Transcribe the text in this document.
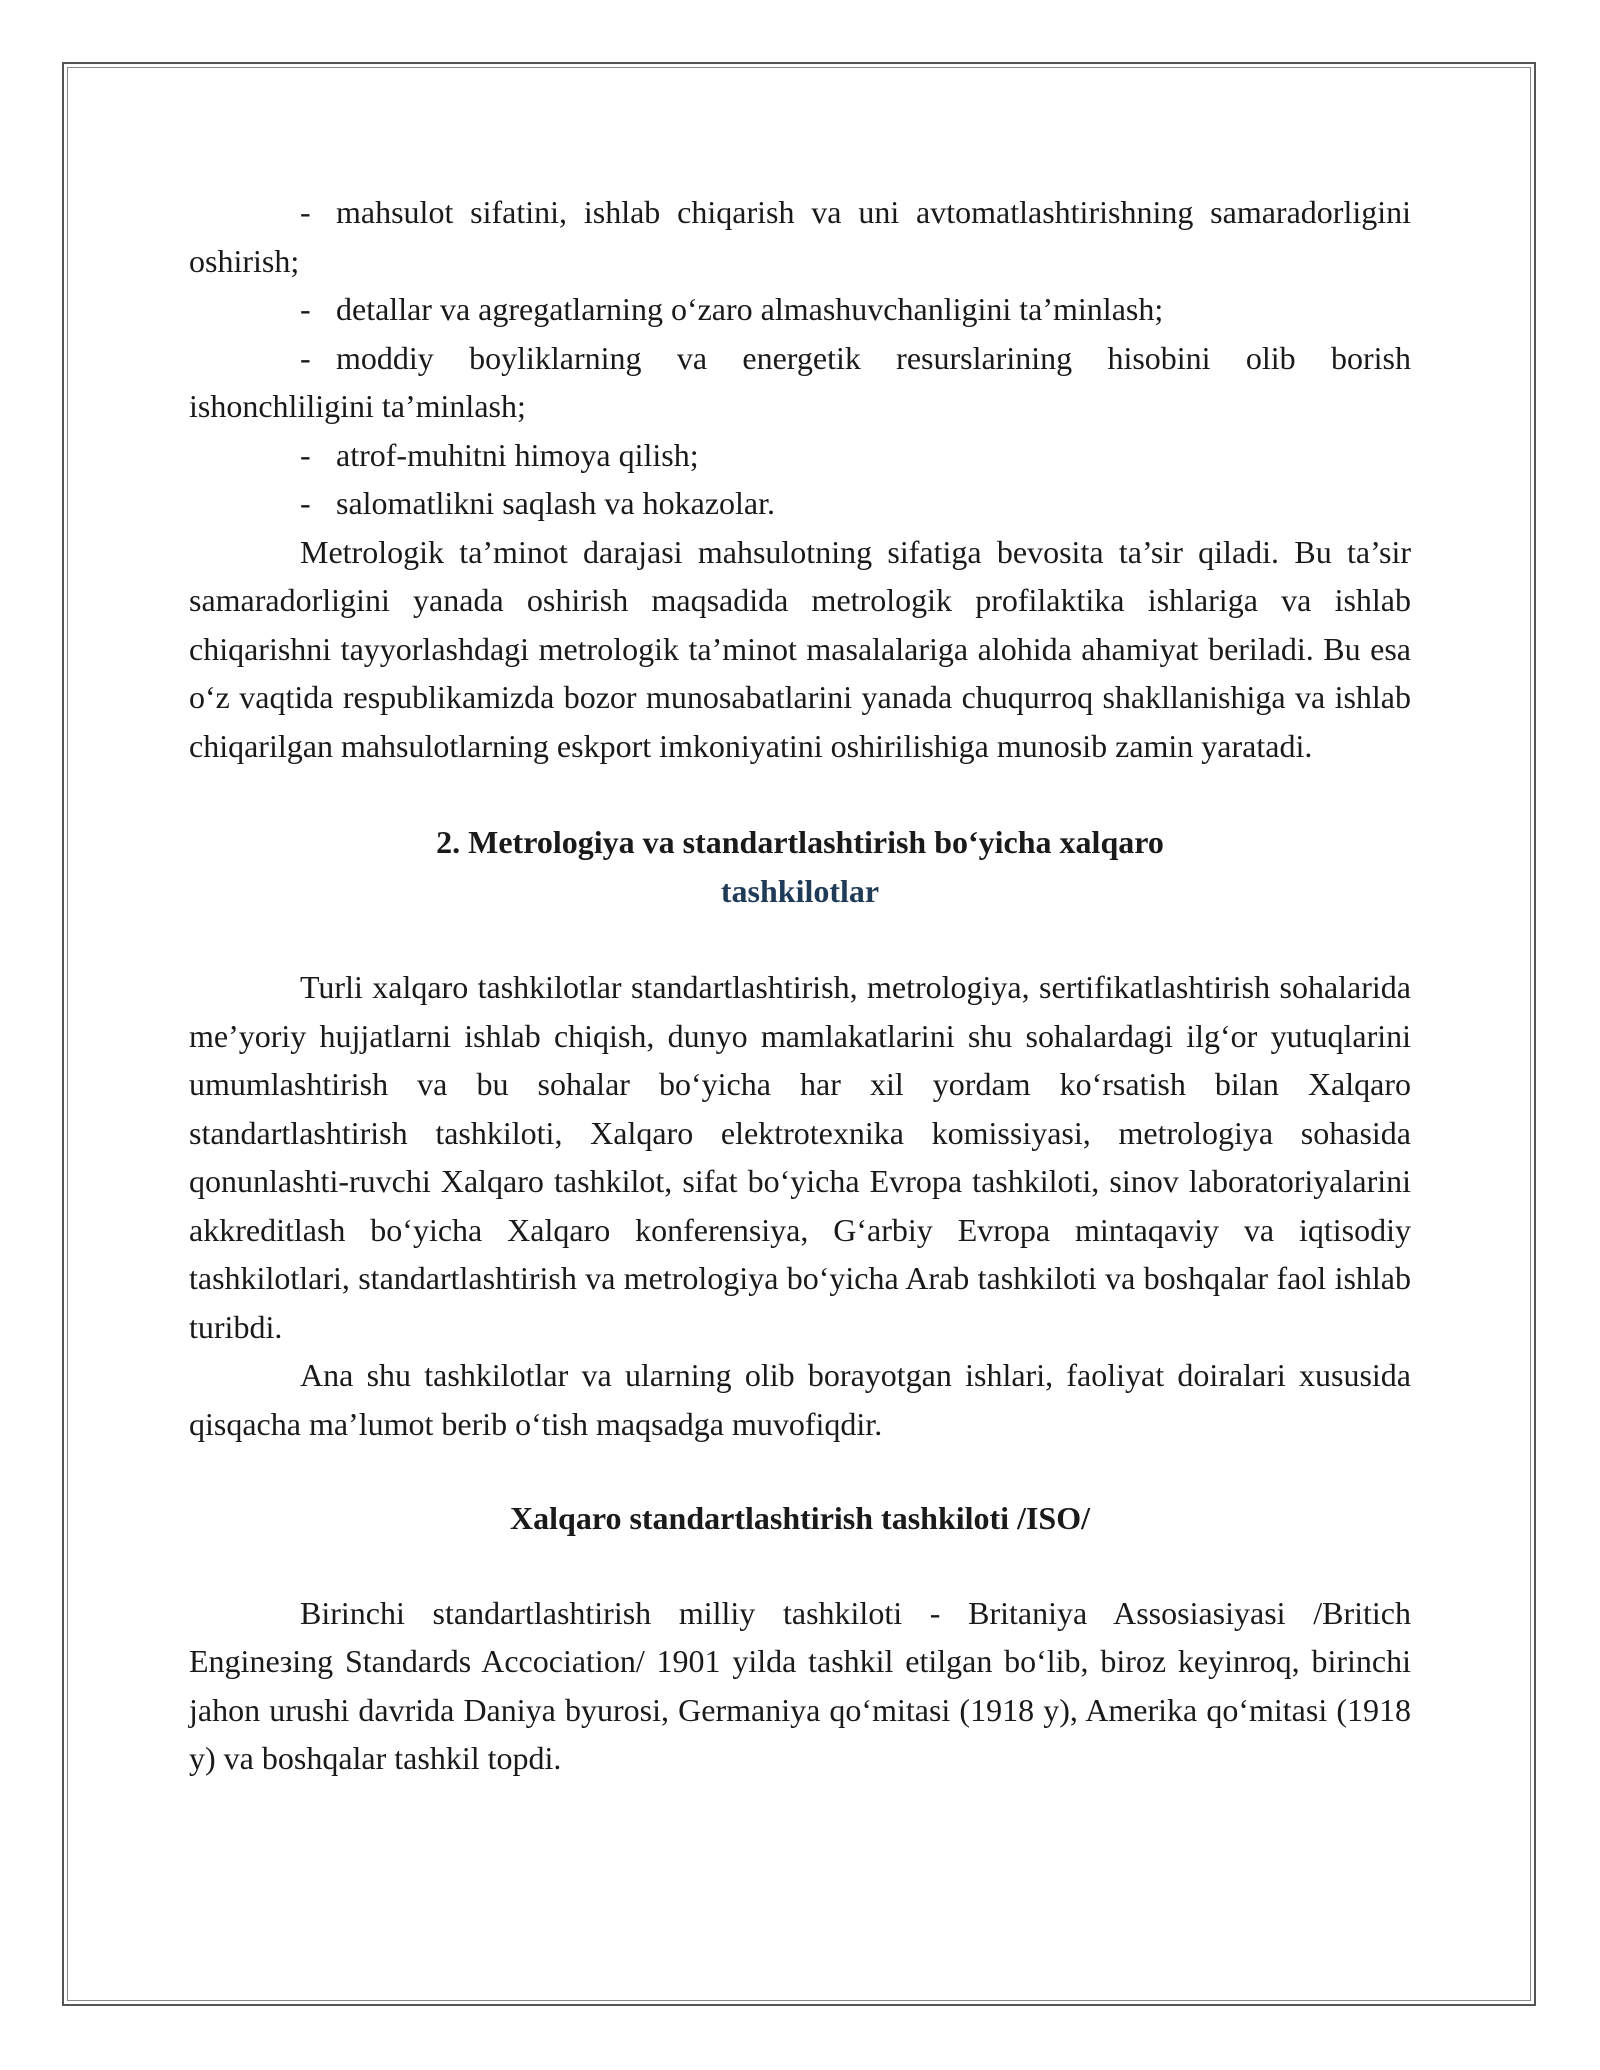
- mahsulot sifatini, ishlab chiqarish va uni avtomatlashtirishning samaradorligini oshirish;

- detallar va agregatlarning o‘zaro almashuvchanligini ta’minlash;

- moddiy boyliklarning va energetik resurslarining hisobini olib borish ishonchliligini ta’minlash;

- atrof-muhitni himoya qilish;

- salomatlikni saqlash va hokazolar.

Metrologik ta’minot darajasi mahsulotning sifatiga bevosita ta’sir qiladi. Bu ta’sir samaradorligini yanada oshirish maqsadida metrologik profilaktika ishlariga va ishlab chiqarishni tayyorlashdagi metrologik ta’minot masalalariga alohida ahamiyat beriladi. Bu esa o‘z vaqtida respublikamizda bozor munosabatlarini yanada chuqurroq shakllanishiga va ishlab chiqarilgan mahsulotlarning eskport imkoniyatini oshirilishiga munosib zamin yaratadi.

2. Metrologiya va standartlashtirish bo‘yicha xalqaro
tashkilotlar

Turli xalqaro tashkilotlar standartlashtirish, metrologiya, sertifikatlashtirish sohalarida me’yoriy hujjatlarni ishlab chiqish, dunyo mamlakatlarini shu sohalardagi ilg‘or yutuqlarini umumlashtirish va bu sohalar bo‘yicha har xil yordam ko‘rsatish bilan Xalqaro standartlashtirish tashkiloti, Xalqaro elektrotexnika komissiyasi, metrologiya sohasida qonunlashti-ruvchi Xalqaro tashkilot, sifat bo‘yicha Evropa tashkiloti, sinov laboratoriyalarini akkreditlash bo‘yicha Xalqaro konferensiya, G‘arbiy Evropa mintaqaviy va iqtisodiy tashkilotlari, standartlashtirish va metrologiya bo‘yicha Arab tashkiloti va boshqalar faol ishlab turibdi.

Ana shu tashkilotlar va ularning olib borayotgan ishlari, faoliyat doiralari xususida qisqacha ma’lumot berib o‘tish maqsadga muvofiqdir.

Xalqaro standartlashtirish tashkiloti /ISO/

Birinchi standartlashtirish milliy tashkiloti - Britaniya Assosiasiyasi /Britich Engineзing Standards Accociation/ 1901 yilda tashkil etilgan bo‘lib, biroz keyinroq, birinchi jahon urushi davrida Daniya byurosi, Germaniya qo‘mitasi (1918 y), Amerika qo‘mitasi (1918 y) va boshqalar tashkil topdi.
